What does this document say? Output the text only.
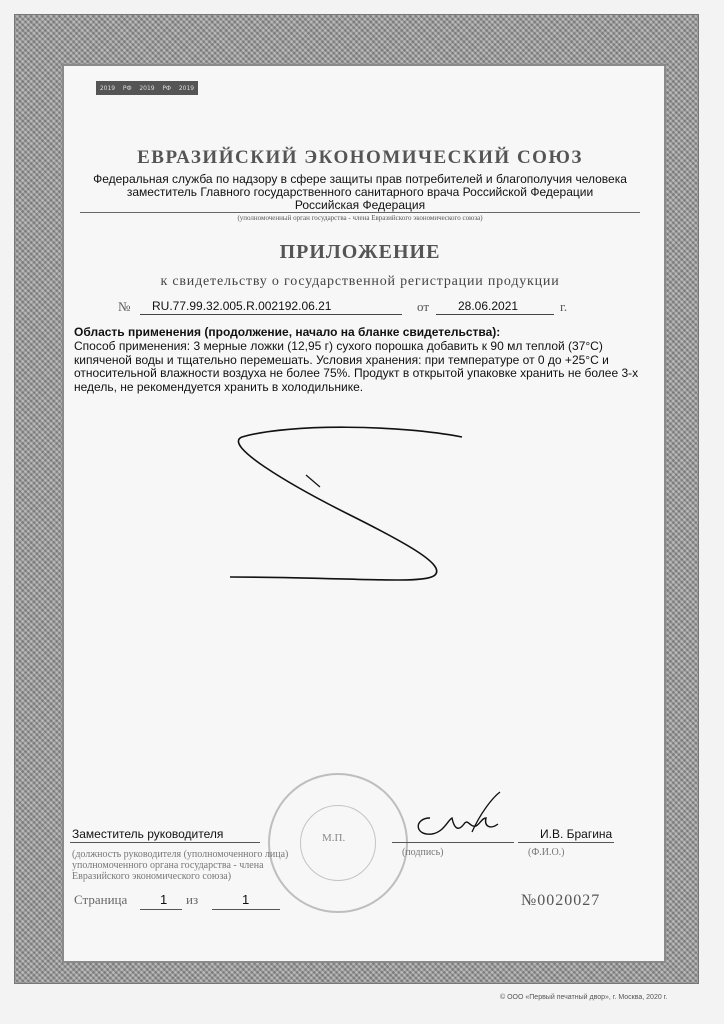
2019 РФ 2019 РФ 2019
ЕВРАЗИЙСКИЙ ЭКОНОМИЧЕСКИЙ СОЮЗ
Федеральная служба по надзору в сфере защиты прав потребителей и благополучия человека
заместитель Главного государственного санитарного врача Российской Федерации
Российская Федерация
(уполномоченный орган государства - члена Евразийского экономического союза)
ПРИЛОЖЕНИЕ
к свидетельству о государственной регистрации продукции
№ RU.77.99.32.005.R.002192.06.21	от 28.06.2021	г.
Область применения (продолжение, начало на бланке свидетельства):
Способ применения: 3 мерные ложки (12,95 г) сухого порошка добавить к 90 мл теплой (37°С) кипяченой воды и тщательно перемешать. Условия хранения: при температуре от 0 до +25°С и относительной влажности воздуха не более 75%. Продукт в открытой упаковке хранить не более 3-х недель, не рекомендуется хранить в холодильнике.
М.П.
Заместитель руководителя	И.В. Брагина
(должность руководителя (уполномоченного лица) уполномоченного органа государства - члена Евразийского экономического союза)
(подпись)	(Ф.И.О.)
Страница	1 из	1	№0020027
© ООО «Первый печатный двор», г. Москва, 2020 г.
